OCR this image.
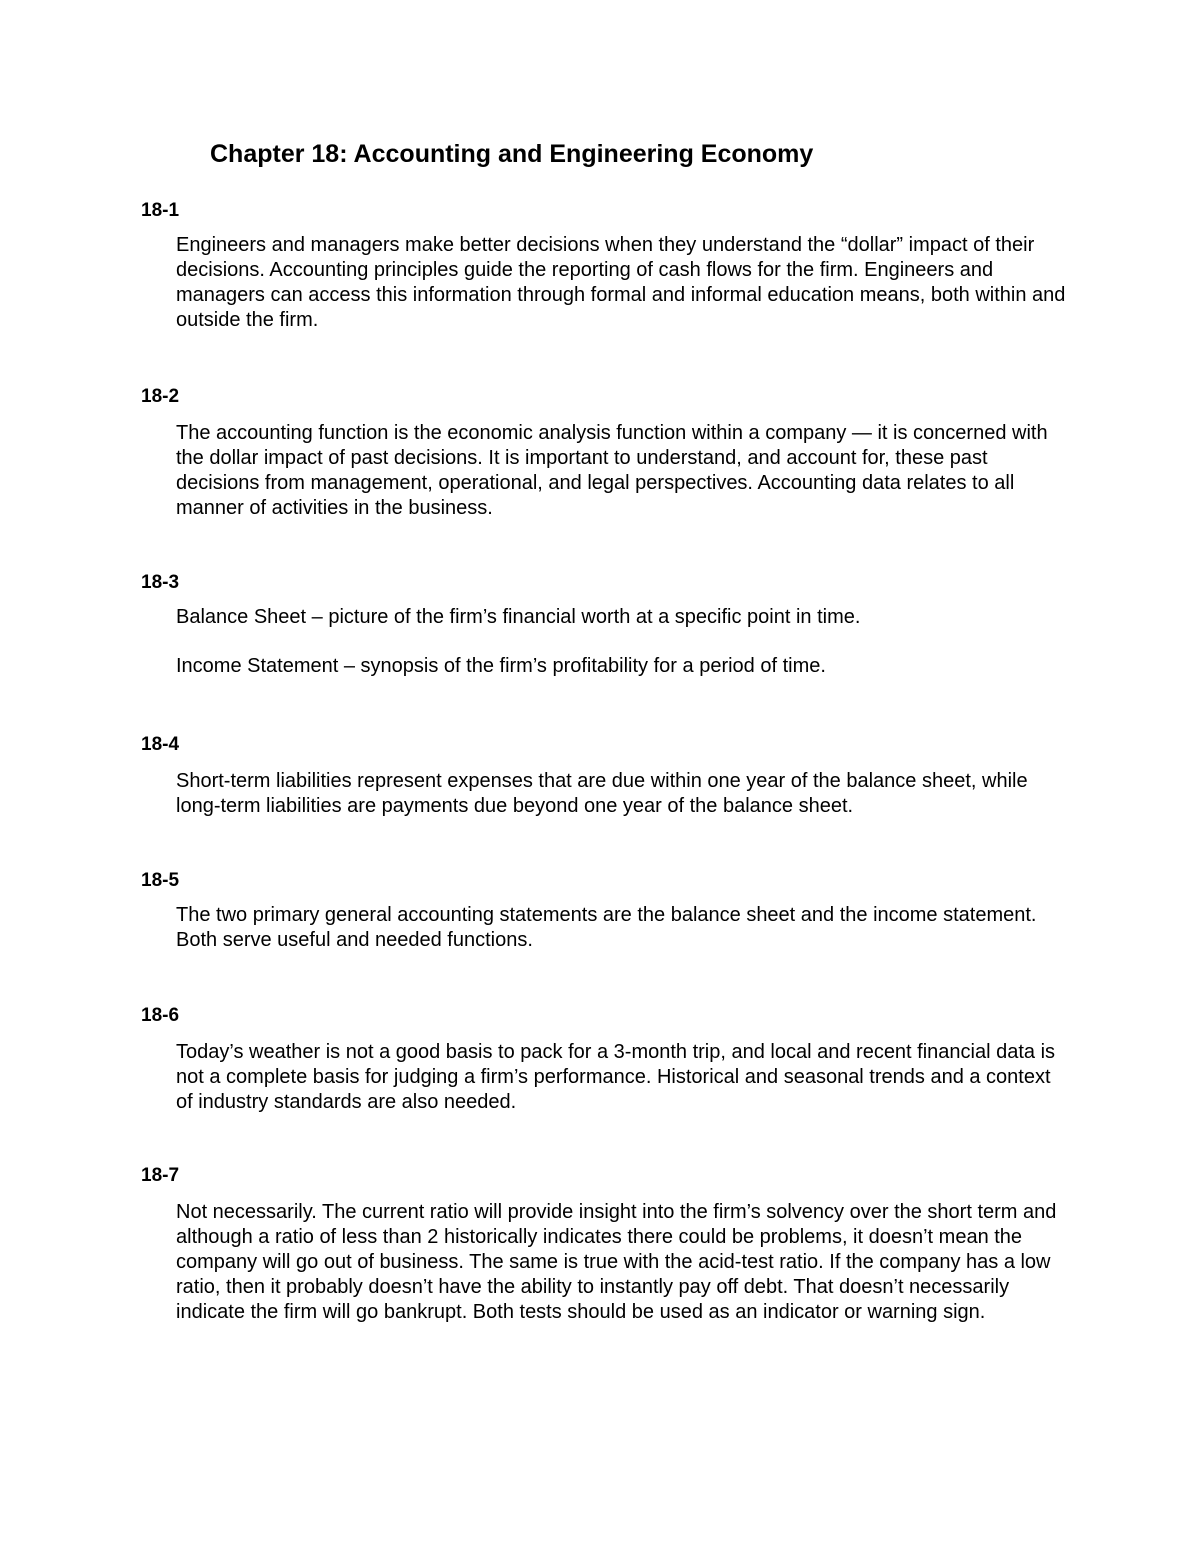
Chapter 18: Accounting and Engineering Economy

18-1

Engineers and managers make better decisions when they understand the “dollar” impact of their decisions. Accounting principles guide the reporting of cash flows for the firm. Engineers and managers can access this information through formal and informal education means, both within and outside the firm.

18-2

The accounting function is the economic analysis function within a company — it is concerned with the dollar impact of past decisions. It is important to understand, and account for, these past decisions from management, operational, and legal perspectives. Accounting data relates to all manner of activities in the business.

18-3

Balance Sheet – picture of the firm’s financial worth at a specific point in time.

Income Statement – synopsis of the firm’s profitability for a period of time.

18-4

Short-term liabilities represent expenses that are due within one year of the balance sheet, while long-term liabilities are payments due beyond one year of the balance sheet.

18-5

The two primary general accounting statements are the balance sheet and the income statement. Both serve useful and needed functions.

18-6

Today’s weather is not a good basis to pack for a 3-month trip, and local and recent financial data is not a complete basis for judging a firm’s performance. Historical and seasonal trends and a context of industry standards are also needed.

18-7

Not necessarily. The current ratio will provide insight into the firm’s solvency over the short term and although a ratio of less than 2 historically indicates there could be problems, it doesn’t mean the company will go out of business. The same is true with the acid-test ratio. If the company has a low ratio, then it probably doesn’t have the ability to instantly pay off debt. That doesn’t necessarily indicate the firm will go bankrupt. Both tests should be used as an indicator or warning sign.
